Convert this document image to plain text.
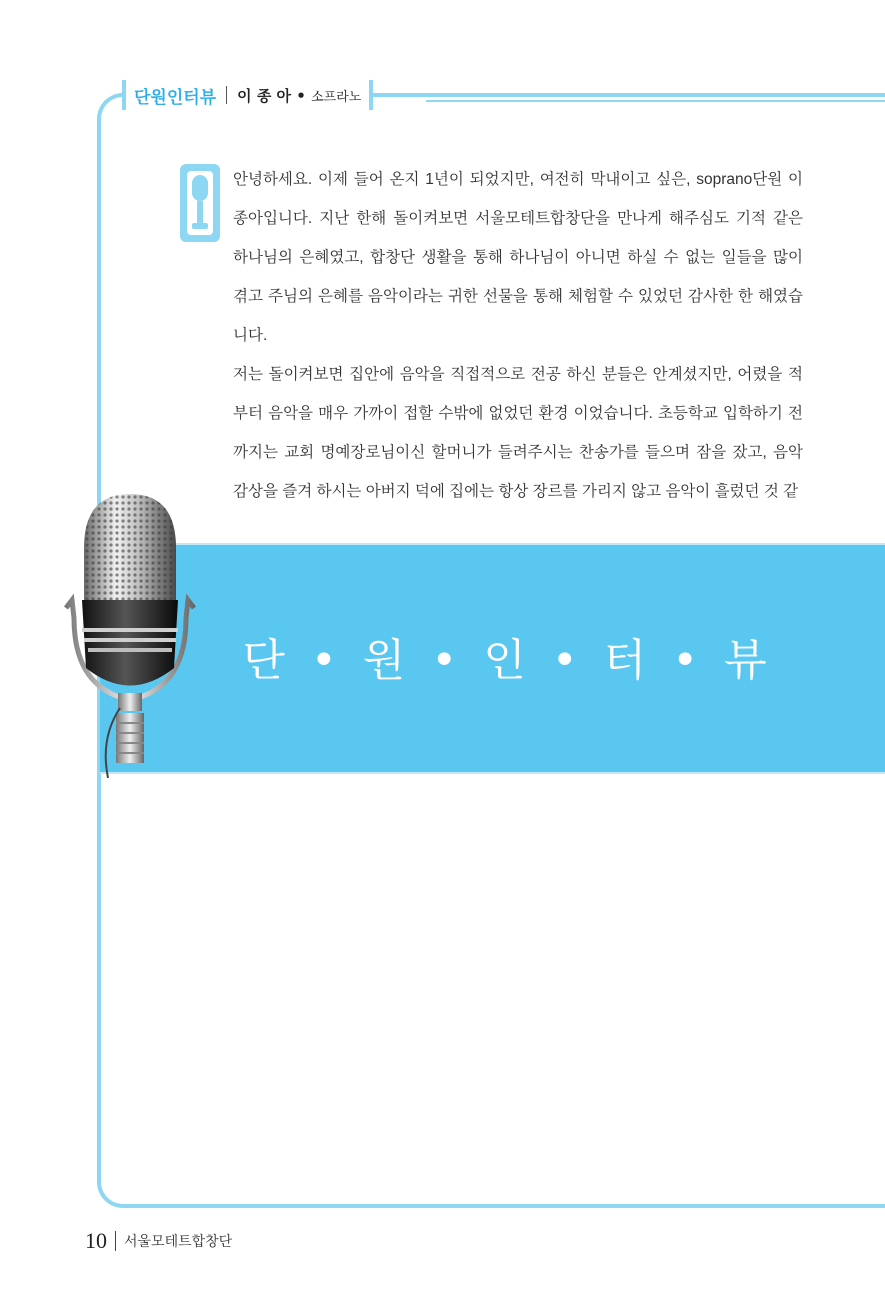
단원인터뷰 이 종 아 • 소프라노

안녕하세요. 이제 들어 온지 1년이 되었지만, 여전히 막내이고 싶은, soprano단원 이

종아입니다. 지난 한해 돌이켜보면 서울모테트합창단을 만나게 해주심도 기적 같은

하나님의 은혜였고, 합창단 생활을 통해 하나님이 아니면 하실 수 없는 일들을 많이

겪고 주님의 은혜를 음악이라는 귀한 선물을 통해 체험할 수 있었던 감사한 한 해였습

니다.

저는 돌이켜보면 집안에 음악을 직접적으로 전공 하신 분들은 안계셨지만, 어렸을 적

부터 음악을 매우 가까이 접할 수밖에 없었던 환경 이었습니다. 초등학교 입학하기 전

까지는 교회 명예장로님이신 할머니가 들려주시는 찬송가를 들으며 잠을 잤고, 음악

감상을 즐겨 하시는 아버지 덕에 집에는 항상 장르를 가리지 않고 음악이 흘렀던 것 같

단 • 원 • 인 • 터 • 뷰
10 서울모테트합창단
